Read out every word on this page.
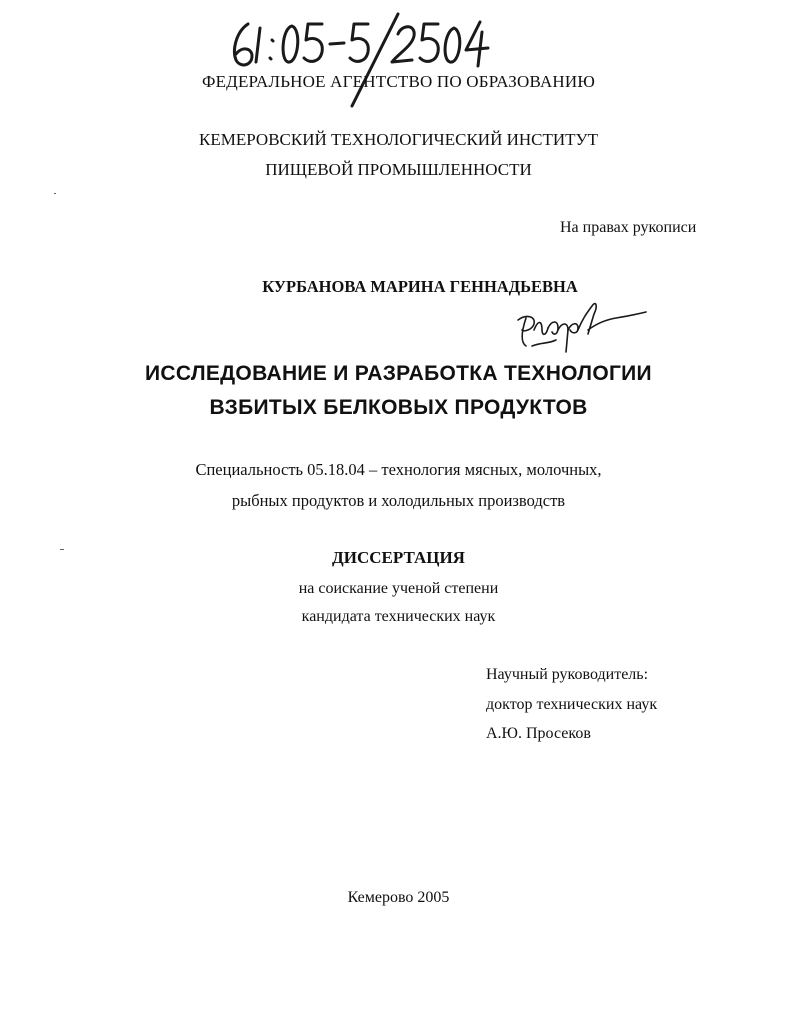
ФЕДЕРАЛЬНОЕ АГЕНТСТВО ПО ОБРАЗОВАНИЮ
КЕМЕРОВСКИЙ ТЕХНОЛОГИЧЕСКИЙ ИНСТИТУТ
ПИЩЕВОЙ ПРОМЫШЛЕННОСТИ
На правах рукописи
КУРБАНОВА МАРИНА ГЕННАДЬЕВНА
ИССЛЕДОВАНИЕ И РАЗРАБОТКА ТЕХНОЛОГИИ
ВЗБИТЫХ БЕЛКОВЫХ ПРОДУКТОВ
Специальность 05.18.04 – технология мясных, молочных,
рыбных продуктов и холодильных производств
ДИССЕРТАЦИЯ
на соискание ученой степени
кандидата технических наук
Научный руководитель:
доктор технических наук
А.Ю. Просеков
Кемерово 2005
